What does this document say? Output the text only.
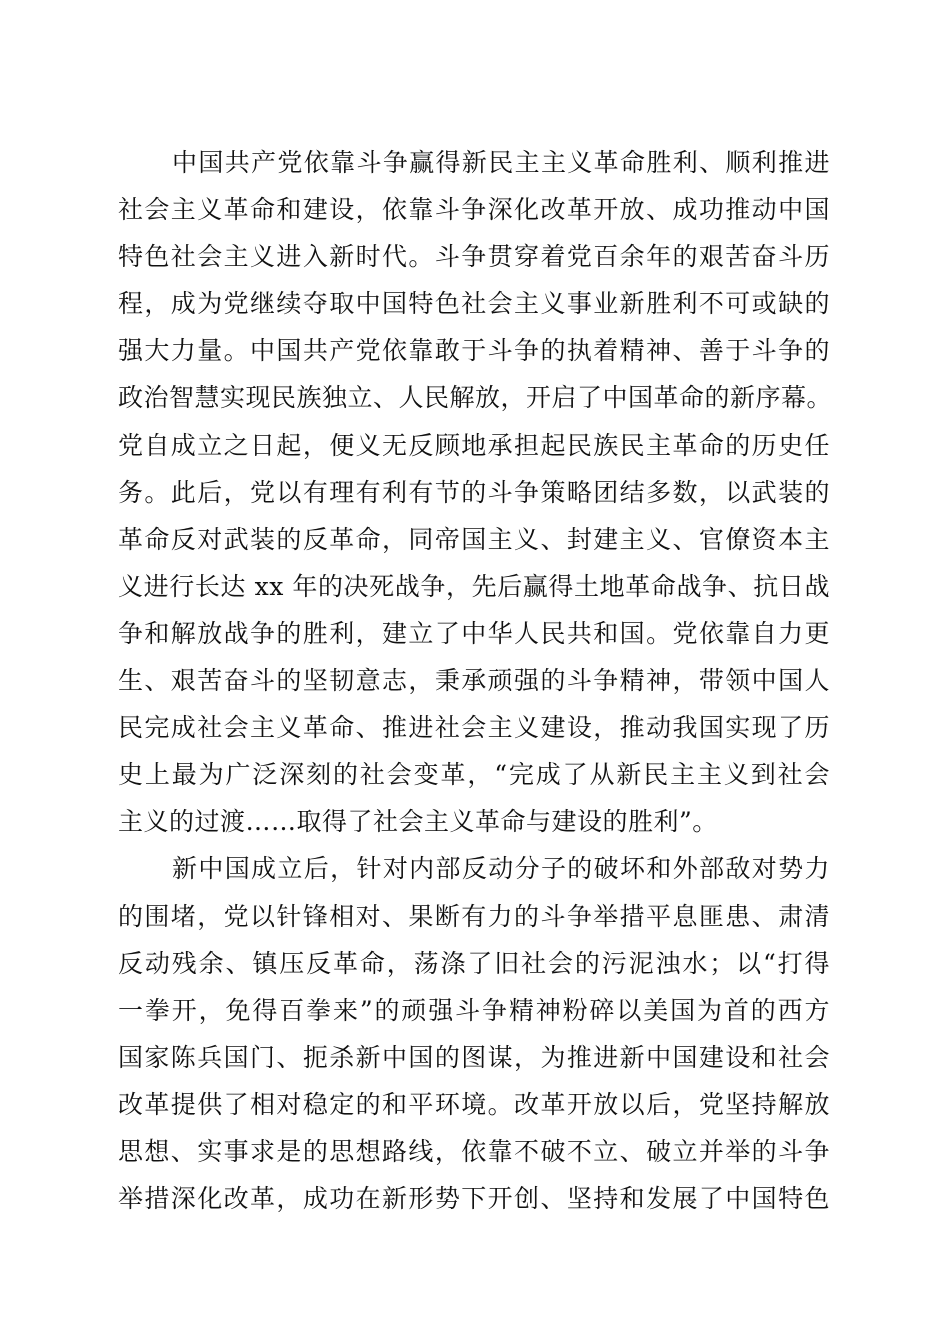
中国共产党依靠斗争赢得新民主主义革命胜利、顺利推进
社会主义革命和建设，依靠斗争深化改革开放、成功推动中国
特色社会主义进入新时代。斗争贯穿着党百余年的艰苦奋斗历
程，成为党继续夺取中国特色社会主义事业新胜利不可或缺的
强大力量。中国共产党依靠敢于斗争的执着精神、善于斗争的
政治智慧实现民族独立、人民解放，开启了中国革命的新序幕。
党自成立之日起，便义无反顾地承担起民族民主革命的历史任
务。此后，党以有理有利有节的斗争策略团结多数，以武装的
革命反对武装的反革命，同帝国主义、封建主义、官僚资本主
义进行长达 xx 年的决死战争，先后赢得土地革命战争、抗日战
争和解放战争的胜利，建立了中华人民共和国。党依靠自力更
生、艰苦奋斗的坚韧意志，秉承顽强的斗争精神，带领中国人
民完成社会主义革命、推进社会主义建设，推动我国实现了历
史上最为广泛深刻的社会变革，“完成了从新民主主义到社会
主义的过渡……取得了社会主义革命与建设的胜利”。
新中国成立后，针对内部反动分子的破坏和外部敌对势力
的围堵，党以针锋相对、果断有力的斗争举措平息匪患、肃清
反动残余、镇压反革命，荡涤了旧社会的污泥浊水；以“打得
一拳开，免得百拳来”的顽强斗争精神粉碎以美国为首的西方
国家陈兵国门、扼杀新中国的图谋，为推进新中国建设和社会
改革提供了相对稳定的和平环境。改革开放以后，党坚持解放
思想、实事求是的思想路线，依靠不破不立、破立并举的斗争
举措深化改革，成功在新形势下开创、坚持和发展了中国特色
